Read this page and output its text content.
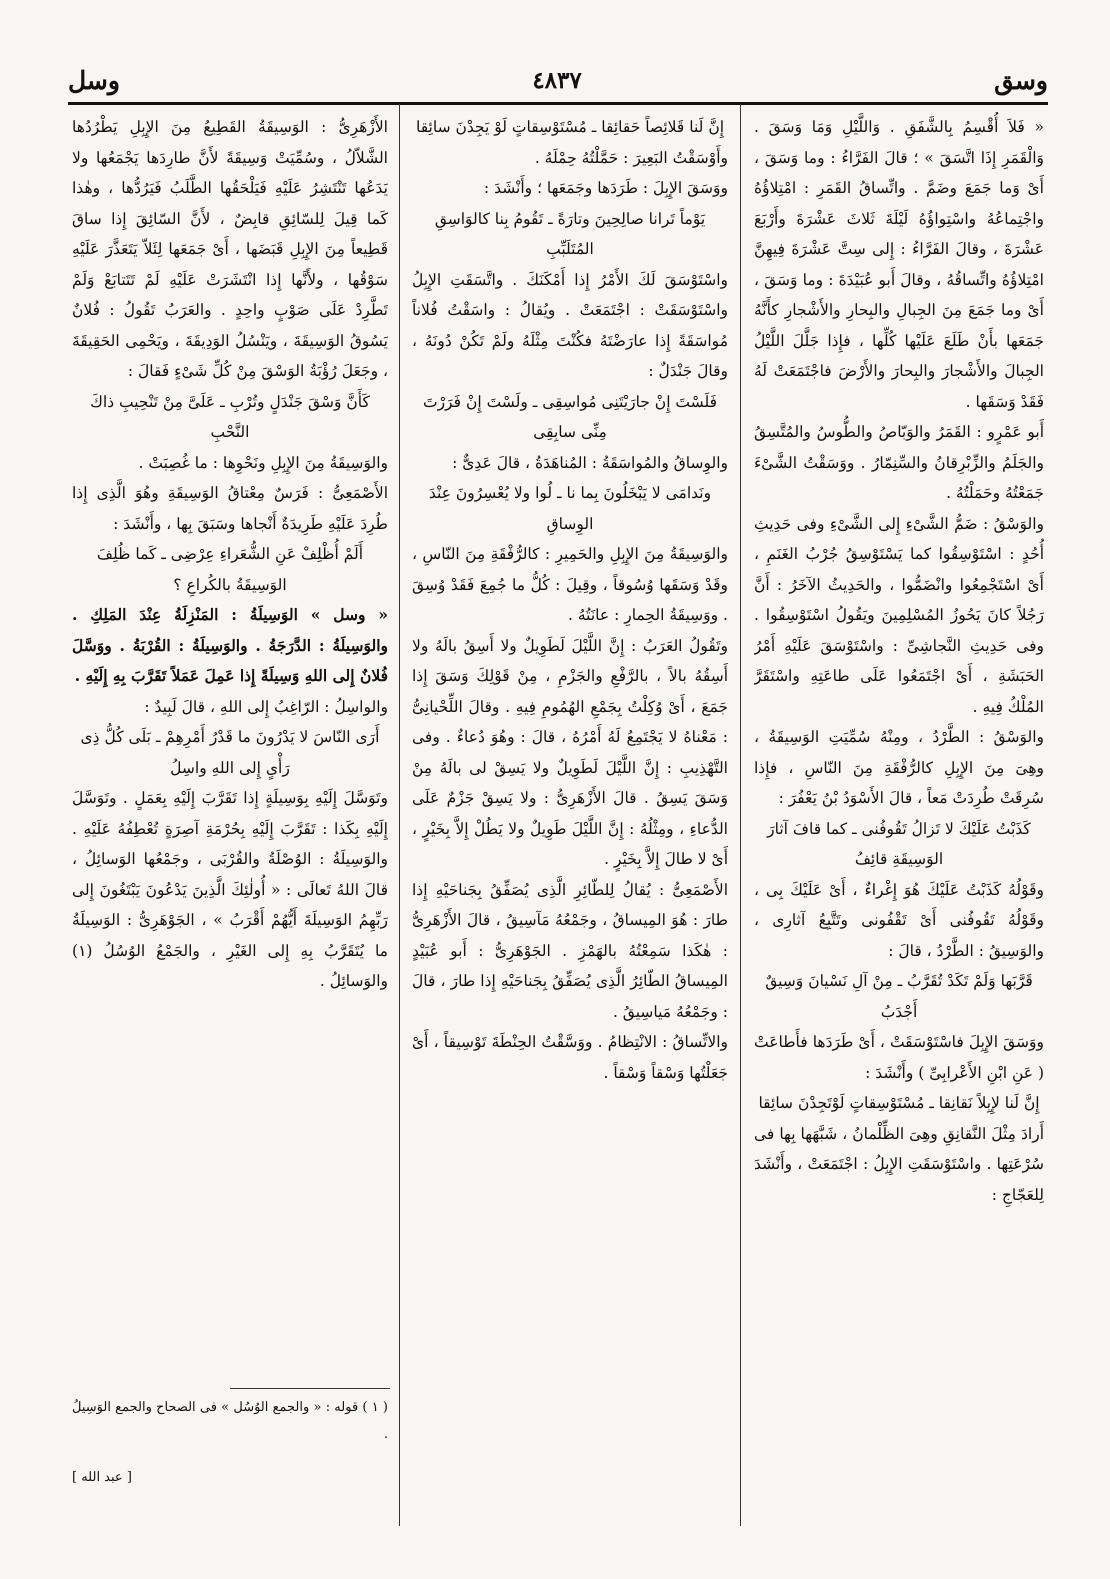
وسق
٤٨٣٧
وسل

« فَلاَ أُقْسِمُ بِالشَّفَقِ . وَاللَّيْلِ وَمَا وَسَقَ . وَالْقَمَرِ إِذَا اتَّسَقَ » ؛ قالَ الفَرَّاءُ : وما وَسَقَ ، أَىْ وَما جَمَعَ وضَمَّ . واتِّساقُ القَمَرِ : امْتِلاؤُهُ واجْتِماعُهُ واسْتِواؤُهُ لَيْلَةَ ثَلاثَ عَشْرَةَ وأَرْبَعَ عَشْرَةَ ، وقالَ الفَرَّاءُ : إِلى سِتَّ عَشْرَةَ فِيهِنَّ امْتِلاؤُهُ واتِّساقُهُ ، وقالَ أَبو عُبَيْدَةَ : وما وَسَقَ ، أَىْ وما جَمَعَ مِنَ الجِبالِ والبِحارِ والأَشْجارِ كأَنَّهُ جَمَعَها بأَنْ طَلَعَ عَلَيْها كُلِّها ، فإِذا جَلَّلَ اللَّيْلُ الجِبالَ والأَشْجارَ والبِحارَ والأَرْضَ فاجْتَمَعَتْ لَهُ فَقَدْ وَسَقَها .

أَبو عَمْرٍو : القَمَرُ والوَبّاصُ والطُّوسُ والمُتَّسِقُ والجَلَمُ والزِّبْرِقانُ والسِّنِمّارُ . ووَسَقْتُ الشَّىْءَ جَمَعْتُهُ وحَمَلْتُهُ .

والوَسْقُ : ضَمُّ الشَّىْءِ إِلى الشَّىْءِ وفى حَدِيثِ أُحُدٍ : اسْتَوْسِقُوا كما يَسْتَوْسِقُ جُرْبُ الغَنَمِ ، أَىْ اسْتَجْمِعُوا وانْضَمُّوا ، والحَدِيثُ الآخَرُ : أَنَّ رَجُلاً كانَ يَحُوزُ المُسْلِمِينَ ويَقُولُ اسْتَوْسِقُوا . وفى حَدِيثِ النَّجاشِىِّ : واسْتَوْسَقَ عَلَيْهِ أَمْرُ الحَبَشَةِ ، أَىْ اجْتَمَعُوا عَلَى طاعَتِهِ واسْتَقَرَّ المُلْكُ فِيهِ .

والوَسْقُ : الطَّرْدُ ، ومِنْهُ سُمِّيَتِ الوَسِيقَةُ ، وهِىَ مِنَ الإِبِلِ كالرُّفْقَةِ مِنَ النّاسِ ، فإِذا سُرِقَتْ طُرِدَتْ مَعاً ، قالَ الأَسْوَدُ بْنُ يَعْفُرَ :

كَذَبْتُ عَلَيْكَ لا تَزالُ تَقُوفُنى ـ كما قافَ آثارَ الوَسِيقَةِ قائِفُ

وقَوْلُهُ كَذَبْتُ عَلَيْكَ هُوَ إِغْراءٌ ، أَىْ عَلَيْكَ بِى ، وقَوْلُهُ تَقُوفُنى أَىْ تَقْفُونى وتَتَّبِعُ آثارِى ، والوَسِيقُ : الطَّرْدُ ، قالَ :

قَرَّبَها وَلَمْ تَكَدْ تُقَرَّبُ ـ مِنْ آلِ نَسْيانَ وَسِيقٌ أَجْدَبُ

ووَسَقَ الإِبِلَ فاسْتَوْسَقَتْ ، أَىْ طَرَدَها فأَطاعَتْ ( عَنِ ابْنِ الأَعْرابِىِّ ) وأَنْشَدَ :

إِنَّ لَنا لإِبِلاً نَقانِقا ـ مُسْتَوْسِقاتٍ لَوْتَجِدْنَ سائِقا

أَرادَ مِثْلَ النَّقانِقِ وهِىَ الظِّلْمانُ ، شَبَّهَها بِها فى سُرْعَتِها . واسْتَوْسَقَتِ الإِبِلُ : اجْتَمَعَتْ ، وأَنْشَدَ لِلعَجّاجِ :

إِنَّ لَنا قَلائِصاً حَقائِقا ـ مُسْتَوْسِقاتٍ لَوْ يَجِدْنَ سائِقا

وأَوْسَقْتُ البَعِيرَ : حَمَّلْتُهُ حِمْلَهُ .

ووَسَقَ الإِبِلَ : طَرَدَها وجَمَعَها ؛ وأَنْشَدَ :

يَوْماً تَرانا صالِحِينَ وتارَةً ـ تَقُومُ بِنا كالوَاسِقِ المُتَلَبِّبِ

واسْتَوْسَقَ لَكَ الأَمْرُ إِذا أَمْكَنَكَ . واتَّسَقَتِ الإِبِلُ واسْتَوْسَقَتْ : اجْتَمَعَتْ . ويُقالُ : واسَقْتُ فُلاناً مُواسَقَةً إِذا عارَضْتَهُ فكُنْتَ مِثْلَهُ ولَمْ تَكُنْ دُونَهُ ، وقالَ جَنْدَلٌ :

فَلَسْتَ إِنْ جارَيْتَنِى مُواسِقِى ـ ولَسْتَ إِنْ فَرَرْتَ مِنِّى سابِقِى

والوِساقُ والمُواسَقَةُ : المُناهَدَةُ ، قالَ عَدِىٌّ :

ونَدامَى لا يَبْخَلُونَ بِما نا ـ لُوا ولا يُعْسِرُونَ عِنْدَ الوِساقِ

والوَسِيقَةُ مِنَ الإِبِلِ والحَمِيرِ : كالرُّفْقَةِ مِنَ النّاسِ ، وقَدْ وَسَقَها وُسُوقاً ، وقِيلَ : كُلُّ ما جُمِعَ فَقَدْ وُسِقَ . ووَسِيقَةُ الحِمارِ : عانَتُهُ .

وتَقُولُ العَرَبُ : إِنَّ اللَّيْلَ لَطَوِيلٌ ولا أَسِقُ بالَهُ ولا أَسِقُهُ بالاً ، بالرَّفْعِ والجَزْمِ ، مِنْ قَوْلِكَ وَسَقَ إِذا جَمَعَ ، أَىْ وُكِلْتُ بِجَمْعِ الهُمُومِ فِيهِ . وقالَ اللِّحْيانِىُّ : مَعْناهُ لا يَجْتَمِعُ لَهُ أَمْرُهُ ، قالَ : وهُوَ دُعاءٌ . وفى التَّهْذِيبِ : إِنَّ اللَّيْلَ لَطَوِيلٌ ولا يَسِقْ لى بالَهُ مِنْ وَسَقَ يَسِقُ . قالَ الأَزْهَرِىُّ : ولا يَسِقْ جَزْمٌ عَلَى الدُّعاءِ ، ومِثْلُهُ : إِنَّ اللَّيْلَ طَوِيلٌ ولا يَطُلْ إِلاَّ بِخَيْرٍ ، أَىْ لا طالَ إِلاَّ بِخَيْرٍ .

الأَصْمَعِىُّ : يُقالُ لِلطّائِرِ الَّذِى يُصَفِّقُ بِجَناحَيْهِ إِذا طارَ : هُوَ المِيساقُ ، وجَمْعُهُ مَآسِيقُ ، قالَ الأَزْهَرِىُّ : هٰكَذا سَمِعْتُهُ بالهَمْزِ . الجَوْهَرِىُّ : أَبو عُبَيْدٍ المِيساقُ الطّائِرُ الَّذِى يُصَفِّقُ بِجَناحَيْهِ إِذا طارَ ، قالَ : وجَمْعُهُ مَياسِيقُ .

والاتِّساقُ : الانْتِظامُ . ووَسَّقْتُ الحِنْطَةَ تَوْسِيقاً ، أَىْ جَعَلْتُها وَسْقاً وَسْقاً .

الأَزْهَرِىُّ : الوَسِيقَةُ القَطِيعُ مِنَ الإِبِلِ يَطْرُدُها الشَّلاّلُ ، وسُمِّيَتْ وَسِيقَةً لأَنَّ طارِدَها يَجْمَعُها ولا يَدَعُها تَنْتَشِرُ عَلَيْهِ فَيَلْحَقُها الطَّلَبُ فَيَرُدُّها ، وهٰذا كَما قِيلَ لِلسّائِقِ قابِضٌ ، لأَنَّ السّائِقَ إِذا ساقَ قَطِيعاً مِنَ الإِبِلِ قَبَضَها ، أَىْ جَمَعَها لِئَلاّ يَتَعَذَّرَ عَلَيْهِ سَوْقُها ، ولأَنَّها إِذا انْتَشَرَتْ عَلَيْهِ لَمْ تَتَتابَعْ وَلَمْ تَطَّرِدْ عَلَى صَوْبٍ واحِدٍ . والعَرَبُ تَقُولُ : فُلانٌ يَسُوقُ الوَسِيقَةَ ، ويَنْسُلُ الوَدِيقَةَ ، ويَحْمِى الحَقِيقَةَ ، وجَعَلَ رُؤْبَةُ الوَسْقَ مِنْ كُلِّ شَىْءٍ فَقالَ :

كَأَنَّ وَسْقَ جَنْدَلٍ وتُرْبِ ـ عَلَىَّ مِنْ تَنْحِيبِ ذاكَ النَّحْبِ

والوَسِيقَةُ مِنَ الإِبِلِ ونَحْوِها : ما غُصِبَتْ .

الأَصْمَعِىُّ : فَرَسٌ مِعْتاقُ الوَسِيقَةِ وهُوَ الَّذِى إِذا طُرِدَ عَلَيْهِ طَرِيدَةٌ أَنْجاها وسَبَقَ بِها ، وأَنْشَدَ :

أَلَمْ أُظْلِفْ عَنِ الشُّعَراءِ عِرْضِى ـ كَما ظُلِفَ الوَسِيقَةُ بالكُراعِ ؟

« وسل » الوَسِيلَةُ : المَنْزِلَةُ عِنْدَ المَلِكِ . والوَسِيلَةُ : الدَّرَجَةُ . والوَسِيلَةُ : القُرْبَةُ . ووَسَّلَ فُلانٌ إِلى اللهِ وَسِيلَةً إِذا عَمِلَ عَمَلاً تَقَرَّبَ بِهِ إِلَيْهِ .

والواسِلُ : الرّاغِبُ إِلى اللهِ ، قالَ لَبِيدٌ :

أَرَى النّاسَ لا يَدْرُونَ ما قَدْرُ أَمْرِهِمْ ـ بَلَى كُلُّ ذِى رَأْىٍ إِلى اللهِ واسِلُ

وتَوَسَّلَ إِلَيْهِ بِوَسِيلَةٍ إِذا تَقَرَّبَ إِلَيْهِ بِعَمَلٍ . وتَوَسَّلَ إِلَيْهِ بِكَذا : تَقَرَّبَ إِلَيْهِ بِحُرْمَةِ آصِرَةٍ تُعْطِفُهُ عَلَيْهِ . والوَسِيلَةُ : الوُصْلَةُ والقُرْبَى ، وجَمْعُها الوَسائِلُ ، قالَ اللهُ تَعالَى : « أُولٰئِكَ الَّذِينَ يَدْعُونَ يَبْتَغُونَ إِلى رَبِّهِمُ الوَسِيلَةَ أَيُّهُمْ أَقْرَبُ » ، الجَوْهَرِىُّ : الوَسِيلَةُ ما يُتَقَرَّبُ بِهِ إِلى الغَيْرِ ، والجَمْعُ الوُسُلُ (١) والوَسائِلُ .

( ١ ) قوله : « والجمع الوُسُل » فى الصحاح والجمع الوَسِيلُ .
[ عبد الله ]
